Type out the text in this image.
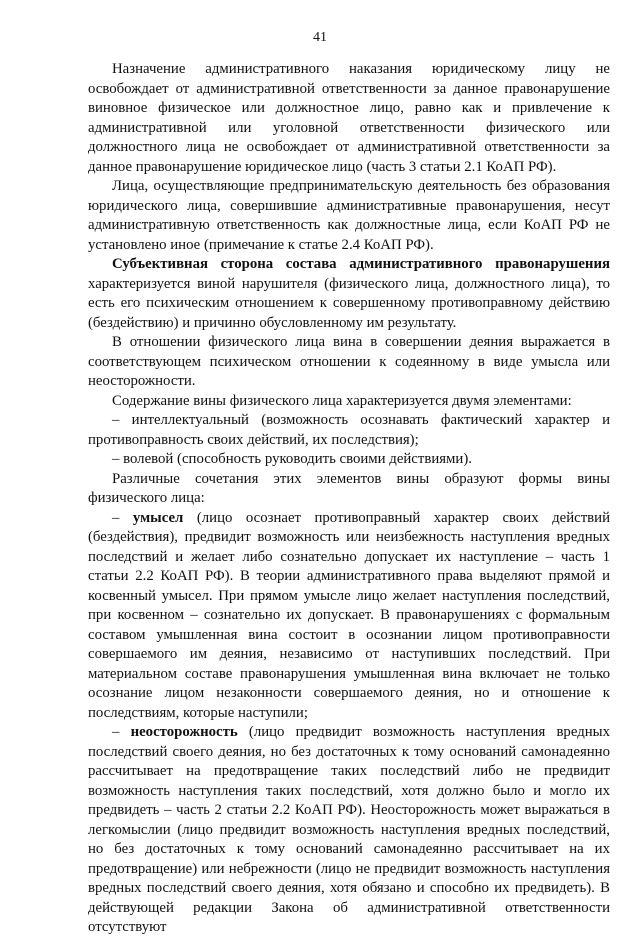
41

Назначение административного наказания юридическому лицу не освобождает от административной ответственности за данное правонарушение виновное физическое или должностное лицо, равно как и привлечение к административной или уголовной ответственности физического или должностного лица не освобождает от административной ответственности за данное правонарушение юридическое лицо (часть 3 статьи 2.1 КоАП РФ).

Лица, осуществляющие предпринимательскую деятельность без образования юридического лица, совершившие административные правонарушения, несут административную ответственность как должностные лица, если КоАП РФ не установлено иное (примечание к статье 2.4 КоАП РФ).

Субъективная сторона состава административного правонарушения характеризуется виной нарушителя (физического лица, должностного лица), то есть его психическим отношением к совершенному противоправному действию (бездействию) и причинно обусловленному им результату.

В отношении физического лица вина в совершении деяния выражается в соответствующем психическом отношении к содеянному в виде умысла или неосторожности.

Содержание вины физического лица характеризуется двумя элементами:

– интеллектуальный (возможность осознавать фактический характер и противоправность своих действий, их последствия);

– волевой (способность руководить своими действиями).

Различные сочетания этих элементов вины образуют формы вины физического лица:

– умысел (лицо осознает противоправный характер своих действий (бездействия), предвидит возможность или неизбежность наступления вредных последствий и желает либо сознательно допускает их наступление – часть 1 статьи 2.2 КоАП РФ). В теории административного права выделяют прямой и косвенный умысел. При прямом умысле лицо желает наступления последствий, при косвенном – сознательно их допускает. В правонарушениях с формальным составом умышленная вина состоит в осознании лицом противоправности совершаемого им деяния, независимо от наступивших последствий. При материальном составе правонарушения умышленная вина включает не только осознание лицом незаконности совершаемого деяния, но и отношение к последствиям, которые наступили;

– неосторожность (лицо предвидит возможность наступления вредных последствий своего деяния, но без достаточных к тому оснований самонадеянно рассчитывает на предотвращение таких последствий либо не предвидит возможность наступления таких последствий, хотя должно было и могло их предвидеть – часть 2 статьи 2.2 КоАП РФ). Неосторожность может выражаться в легкомыслии (лицо предвидит возможность наступления вредных последствий, но без достаточных к тому оснований самонадеянно рассчитывает на их предотвращение) или небрежности (лицо не предвидит возможность наступления вредных последствий своего деяния, хотя обязано и способно их предвидеть). В действующей редакции Закона об административной ответственности отсутствуют
